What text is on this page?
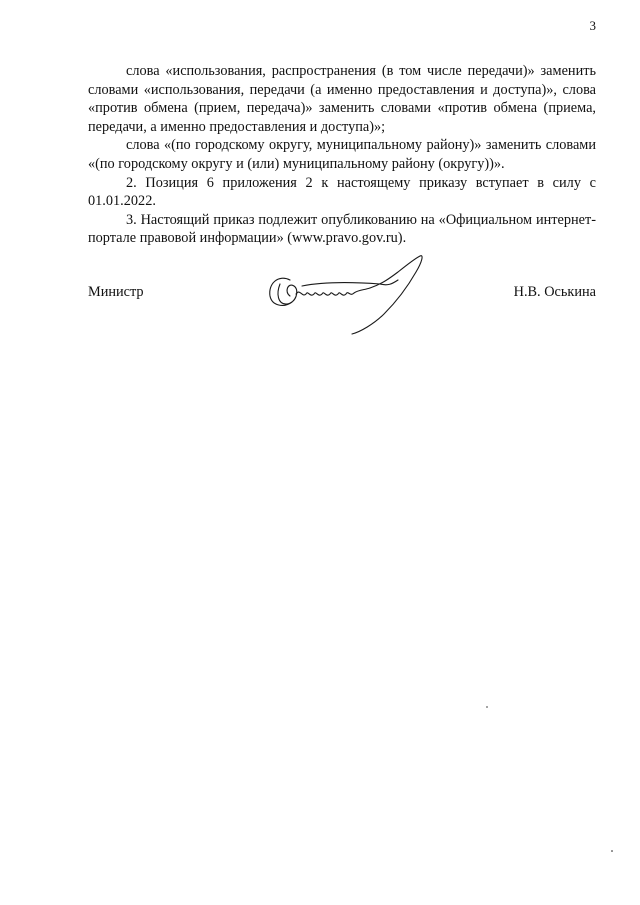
3

слова «использования, распространения (в том числе передачи)» заменить словами «использования, передачи (а именно предоставления и доступа)», слова «против обмена (прием, передача)» заменить словами «против обмена (приема, передачи, а именно предоставления и доступа)»;

слова «(по городскому округу, муниципальному району)» заменить словами «(по городскому округу и (или) муниципальному району (округу))».

2. Позиция 6 приложения 2 к настоящему приказу вступает в силу с 01.01.2022.

3. Настоящий приказ подлежит опубликованию на «Официальном интернет-портале правовой информации» (www.pravo.gov.ru).

Министр	Н.В. Оськина
